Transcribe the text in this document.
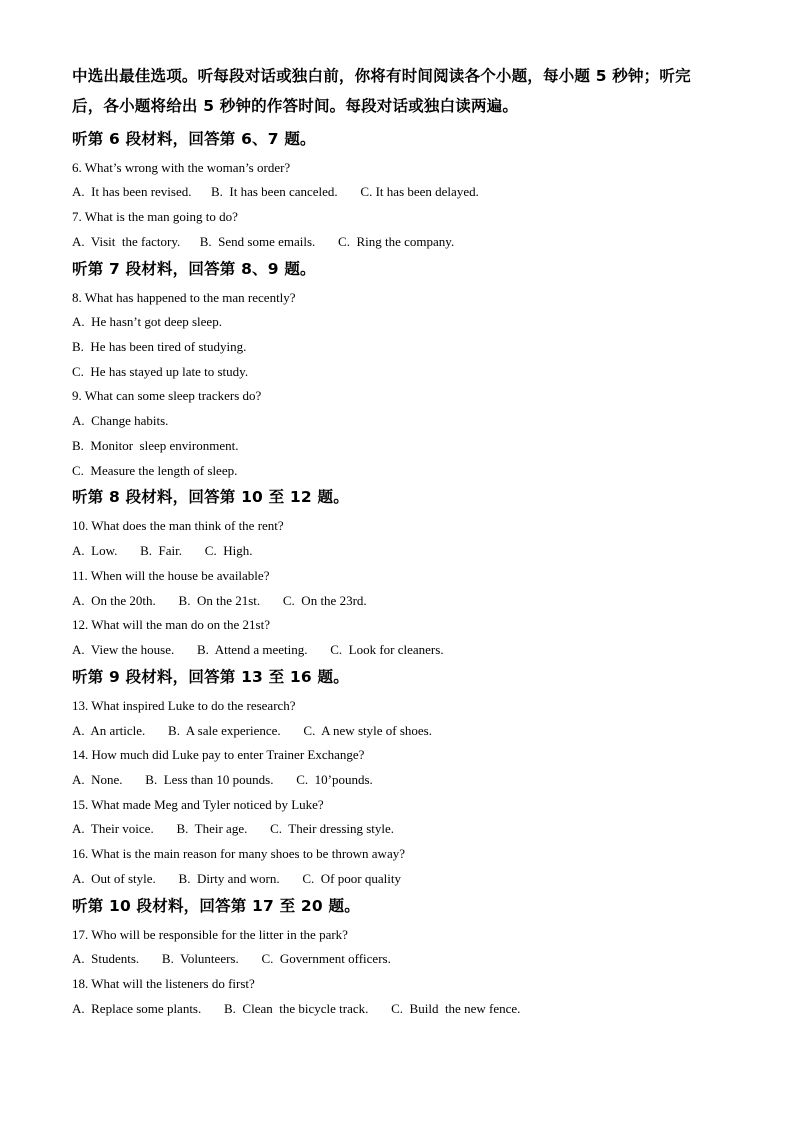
中选出最佳选项。听每段对话或独白前，你将有时间阅读各个小题，每小题 5 秒钟；听完
后，各小题将给出 5 秒钟的作答时间。每段对话或独白读两遍。
听第 6 段材料，回答第 6、7 题。
6. What’s wrong with the woman’s order?
A.  It has been revised.      B.  It has been canceled.       C. It has been delayed.
7. What is the man going to do?
A.  Visit  the factory.      B.  Send some emails.       C.  Ring the company.
听第 7 段材料，回答第 8、9 题。
8. What has happened to the man recently?
A.  He hasn’t got deep sleep.
B.  He has been tired of studying.
C.  He has stayed up late to study.
9. What can some sleep trackers do?
A.  Change habits.
B.  Monitor  sleep environment.
C.  Measure the length of sleep.
听第 8 段材料，回答第 10 至 12 题。
10. What does the man think of the rent?
A.  Low.       B.  Fair.       C.  High.
11. When will the house be available?
A.  On the 20th.       B.  On the 21st.       C.  On the 23rd.
12. What will the man do on the 21st?
A.  View the house.       B.  Attend a meeting.       C.  Look for cleaners.
听第 9 段材料，回答第 13 至 16 题。
13. What inspired Luke to do the research?
A.  An article.       B.  A sale experience.       C.  A new style of shoes.
14. How much did Luke pay to enter Trainer Exchange?
A.  None.       B.  Less than 10 pounds.       C.  10’pounds.
15. What made Meg and Tyler noticed by Luke?
A.  Their voice.       B.  Their age.       C.  Their dressing style.
16. What is the main reason for many shoes to be thrown away?
A.  Out of style.       B.  Dirty and worn.       C.  Of poor quality
听第 10 段材料，回答第 17 至 20 题。
17. Who will be responsible for the litter in the park?
A.  Students.       B.  Volunteers.       C.  Government officers.
18. What will the listeners do first?
A.  Replace some plants.       B.  Clean  the bicycle track.       C.  Build  the new fence.
